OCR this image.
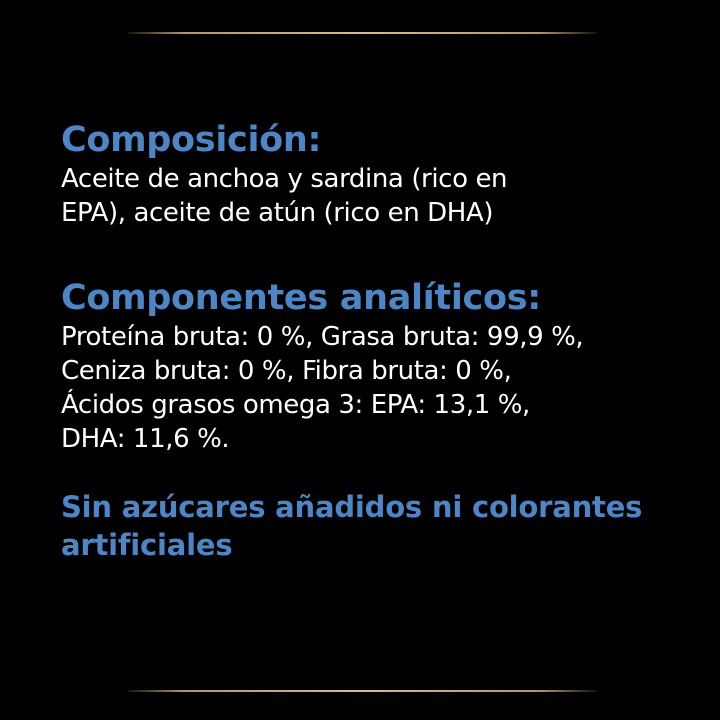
Composición:

Aceite de anchoa y sardina (rico en
EPA), aceite de atún (rico en DHA)

Componentes analíticos:

Proteína bruta: 0 %, Grasa bruta: 99,9 %,
Ceniza bruta: 0 %, Fibra bruta: 0 %,
Ácidos grasos omega 3: EPA: 13,1 %,
DHA: 11,6 %.

Sin azúcares añadidos ni colorantes
artificiales
